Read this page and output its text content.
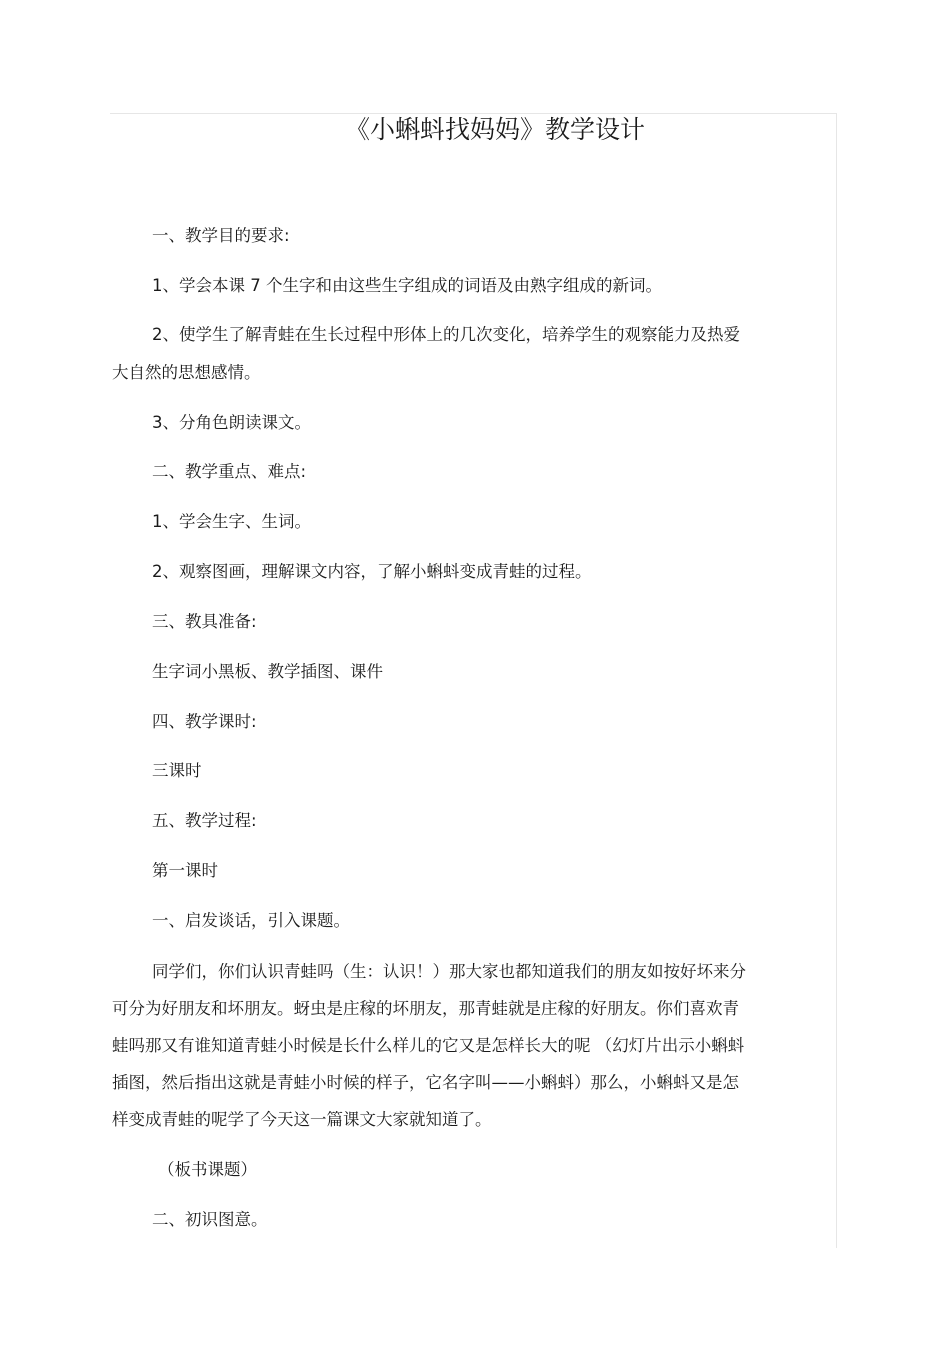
《小蝌蚪找妈妈》教学设计
一、教学目的要求:
1、学会本课 7 个生字和由这些生字组成的词语及由熟字组成的新词。
2、使学生了解青蛙在生长过程中形体上的几次变化，培养学生的观察能力及热爱
大自然的思想感情。
3、分角色朗读课文。
二、教学重点、难点:
1、学会生字、生词。
2、观察图画，理解课文内容，了解小蝌蚪变成青蛙的过程。
三、教具准备:
生字词小黑板、教学插图、课件
四、教学课时:
三课时
五、教学过程:
第一课时
一、启发谈话，引入课题。
同学们，你们认识青蛙吗（生：认识！）那大家也都知道我们的朋友如按好坏来分
可分为好朋友和坏朋友。蚜虫是庄稼的坏朋友，那青蛙就是庄稼的好朋友。你们喜欢青
蛙吗那又有谁知道青蛙小时候是长什么样儿的它又是怎样长大的呢 （幻灯片出示小蝌蚪
插图，然后指出这就是青蛙小时候的样子，它名字叫——小蝌蚪）那么，小蝌蚪又是怎
样变成青蛙的呢学了今天这一篇课文大家就知道了。
（板书课题）
二、初识图意。
